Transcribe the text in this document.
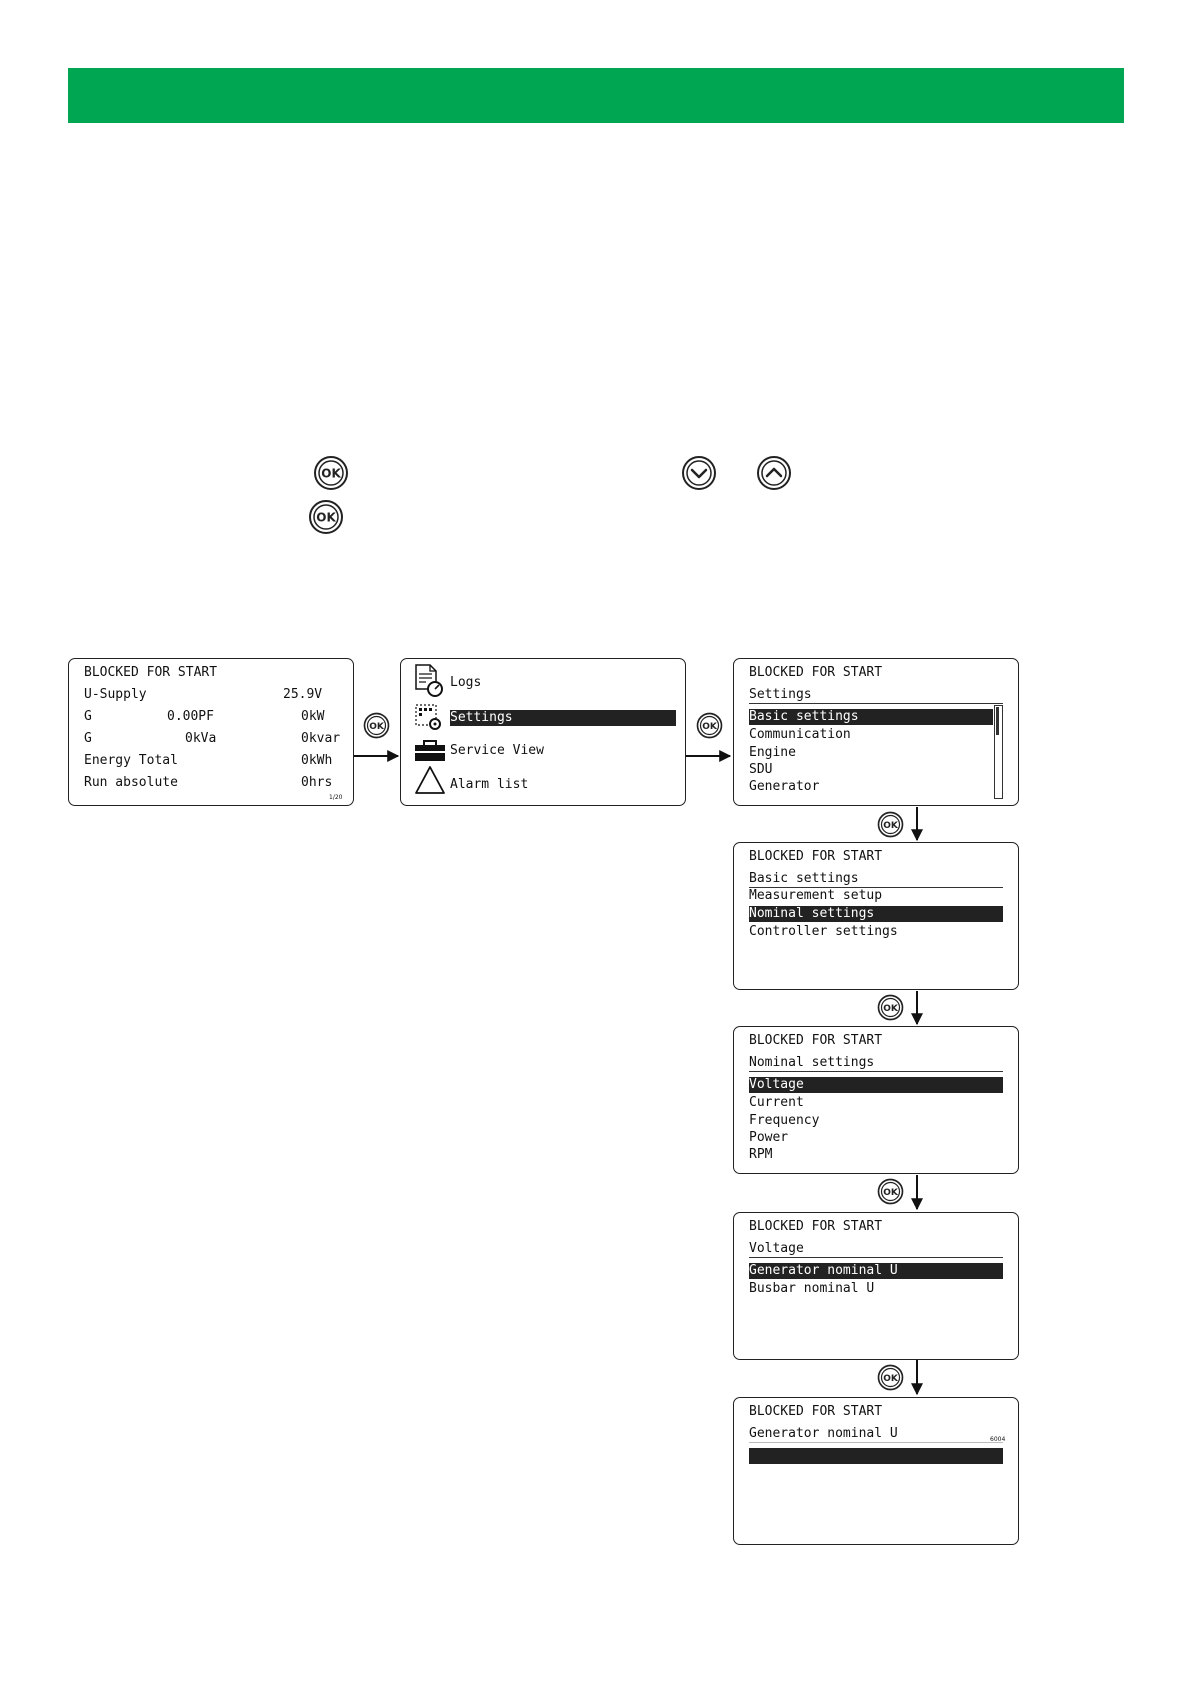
OK
OK
OK	OK
OK
OK
OK
OK
BLOCKED FOR START
U-Supply	25.9V
G	0.00PF	0kW
G	0kVa	0kvar
Energy Total	0kWh
Run absolute	0hrs
1/20
Logs
Settings
Service View
Alarm list
BLOCKED FOR START
Settings
Basic settings
Communication
Engine
SDU
Generator
BLOCKED FOR START
Basic settings
Measurement setup
Nominal settings
Controller settings
BLOCKED FOR START
Nominal settings
Voltage
Current
Frequency
Power
RPM
BLOCKED FOR START
Voltage
Generator nominal U
Busbar nominal U
BLOCKED FOR START
Generator nominal U	6004

Voltage:
400V
